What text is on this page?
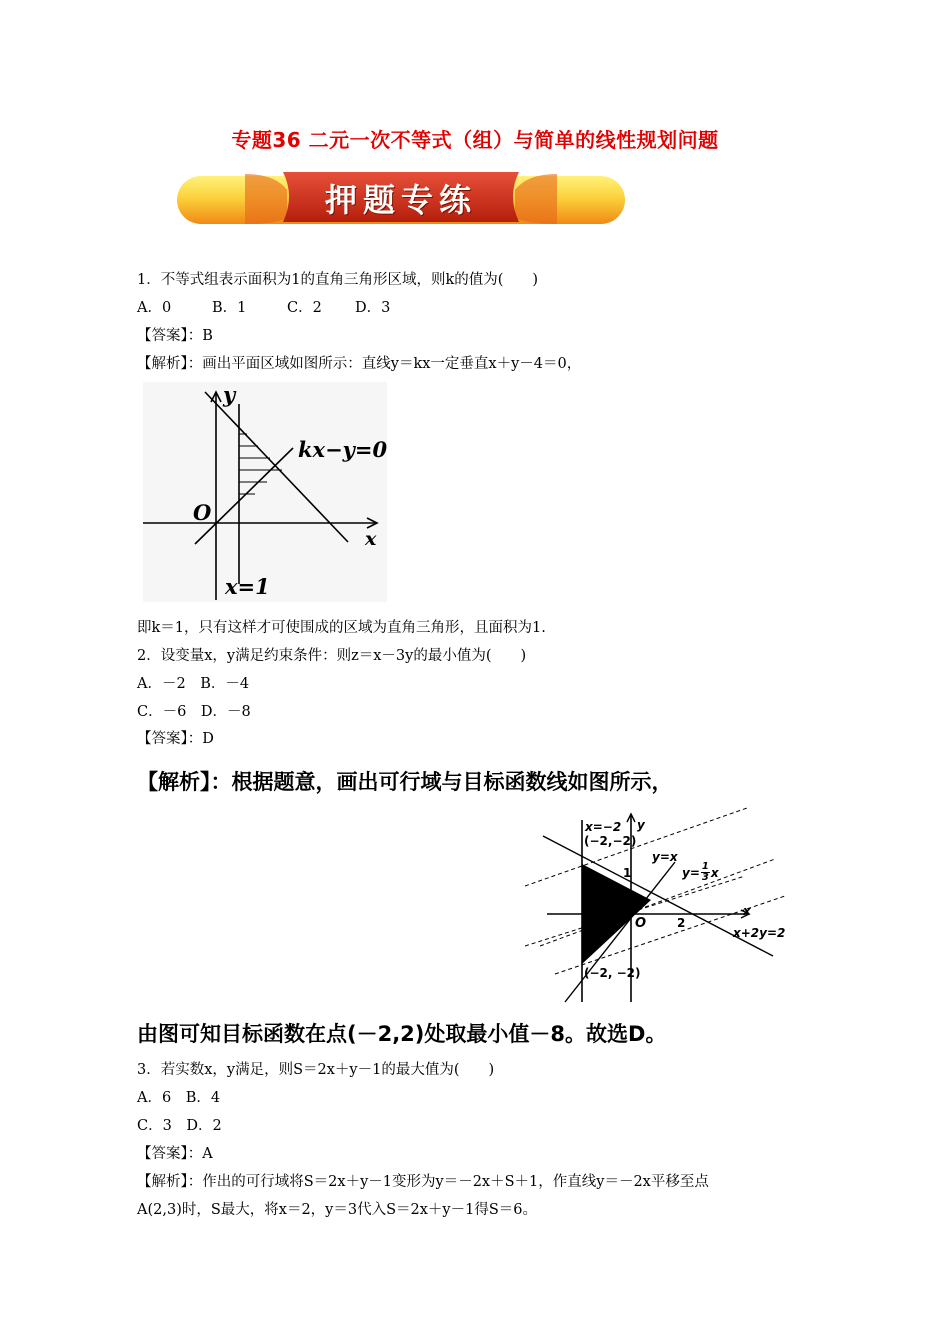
专题36 二元一次不等式（组）与简单的线性规划问题
押题专练
1．不等式组表示面积为1的直角三角形区域，则k的值为(　　)
A．0	B．1	C．2 D．3
【答案】：B
【解析】：画出平面区域如图所示：直线y＝kx一定垂直x＋y－4＝0，
y
kx−y=0
O
x
x=1
即k＝1，只有这样才可使围成的区域为直角三角形，且面积为1.
2．设变量x，y满足约束条件：则z＝x－3y的最小值为(　　)
A．－2　B．－4
C．－6　D．－8
【答案】：D
【解析】：根据题意，画出可行域与目标函数线如图所示，
x=−2 y
(−2,−2)
y=x
1	$y= \frac{1}{3}$ x
O	2
x
x+2y=2
(−2, −2)
由图可知目标函数在点(－2,2)处取最小值－8。故选D。
3．若实数x，y满足，则S＝2x＋y－1的最大值为(　　)
A．6　B．4
C．3　D．2
【答案】：A
【解析】：作出的可行域将S＝2x＋y－1变形为y＝－2x＋S＋1，作直线y＝－2x平移至点
A(2,3)时，S最大，将x＝2，y＝3代入S＝2x＋y－1得S＝6。
